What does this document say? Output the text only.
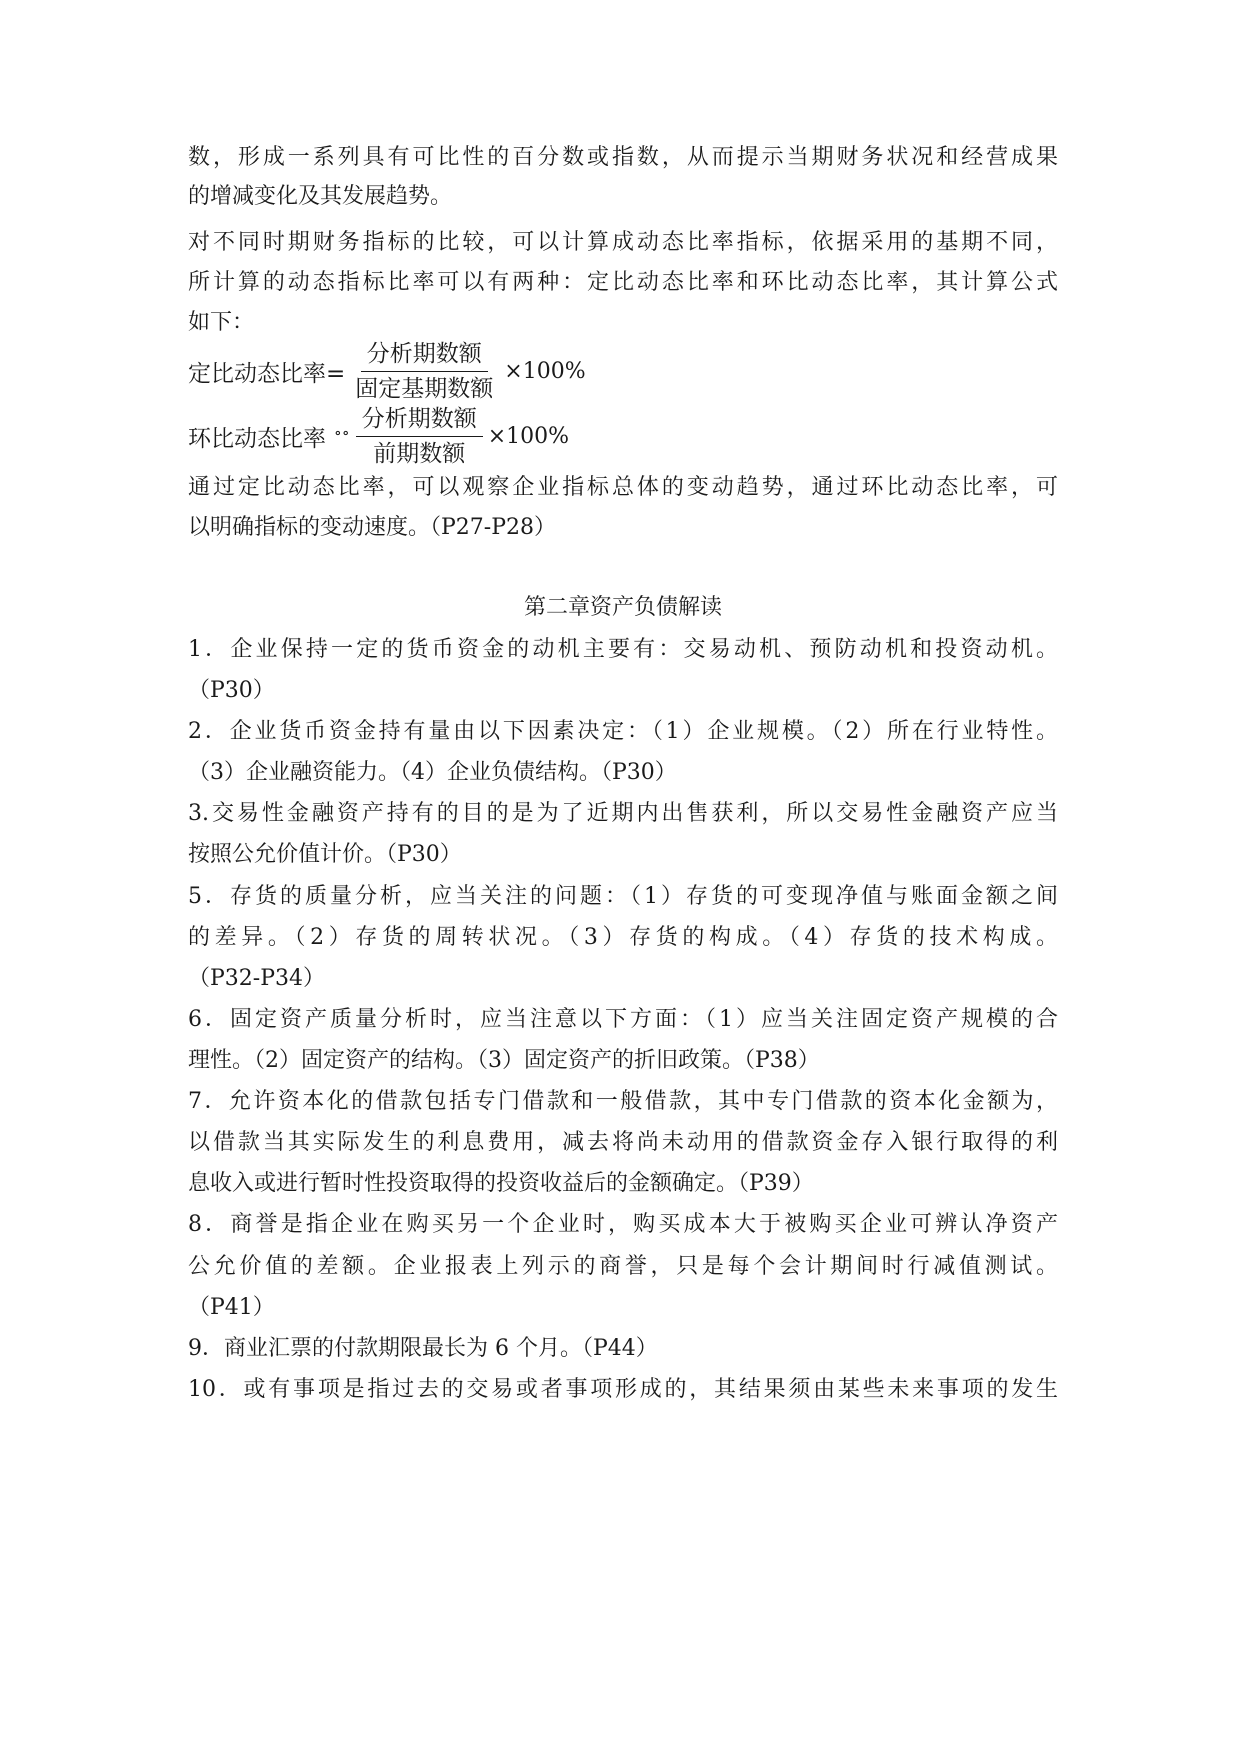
数，形成一系列具有可比性的百分数或指数，从而提示当期财务状况和经营成果
的增减变化及其发展趋势。
对不同时期财务指标的比较，可以计算成动态比率指标，依据采用的基期不同，
所计算的动态指标比率可以有两种：定比动态比率和环比动态比率，其计算公式
如下：
定比动态比率= $\frac{\text{分析期数额}}{\text{固定基期数额}} \times 100\%$
环比动态比率 ∘∘ $\frac{\text{分析期数额}}{\text{前期数额}} \times 100\%$
通过定比动态比率，可以观察企业指标总体的变动趋势，通过环比动态比率，可
以明确指标的变动速度。（P27-P28）
第二章资产负债解读
1．企业保持一定的货币资金的动机主要有：交易动机、预防动机和投资动机。
（P30）
2．企业货币资金持有量由以下因素决定：（1）企业规模。（2）所在行业特性。
（3）企业融资能力。（4）企业负债结构。（P30）
3.交易性金融资产持有的目的是为了近期内出售获利，所以交易性金融资产应当
按照公允价值计价。（P30）
5．存货的质量分析，应当关注的问题：（1）存货的可变现净值与账面金额之间
的差异。（2）存货的周转状况。（3）存货的构成。（4）存货的技术构成。
（P32-P34）
6．固定资产质量分析时，应当注意以下方面：（1）应当关注固定资产规模的合
理性。（2）固定资产的结构。（3）固定资产的折旧政策。（P38）
7．允许资本化的借款包括专门借款和一般借款，其中专门借款的资本化金额为，
以借款当其实际发生的利息费用，减去将尚未动用的借款资金存入银行取得的利
息收入或进行暂时性投资取得的投资收益后的金额确定。（P39）
8．商誉是指企业在购买另一个企业时，购买成本大于被购买企业可辨认净资产
公允价值的差额。企业报表上列示的商誉，只是每个会计期间时行减值测试。
（P41）
9．商业汇票的付款期限最长为 6 个月。（P44）
10．或有事项是指过去的交易或者事项形成的，其结果须由某些未来事项的发生
